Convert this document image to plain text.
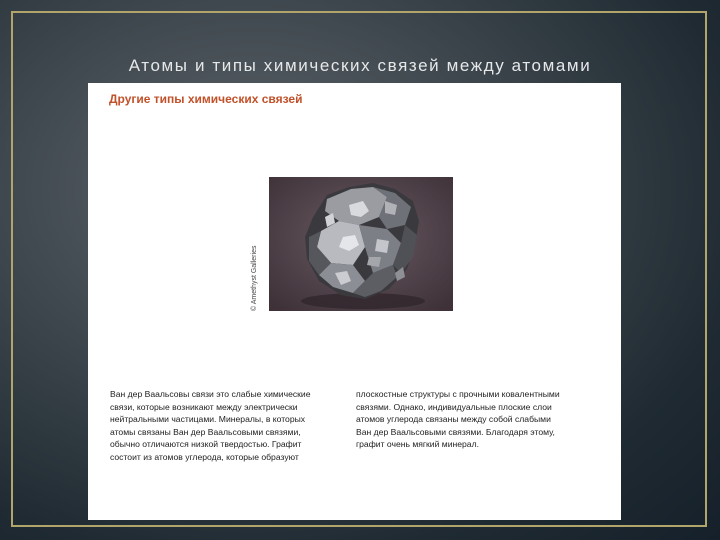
Атомы и типы химических связей между атомами
Другие типы химических связей
© Amethyst Galleries
Ван дер Ваальсовы связи это слабые химические
связи, которые возникают между электрически
нейтральными частицами. Минералы, в которых
атомы связаны Ван дер Ваальсовыми связями,
обычно отличаются низкой твердостью. Графит
состоит из атомов углерода, которые образуют
плоскостные структуры с прочными ковалентными
связями. Однако, индивидуальные плоские слои
атомов углерода связаны между собой слабыми
Ван дер Ваальсовыми связями. Благодаря этому,
графит очень мягкий минерал.
